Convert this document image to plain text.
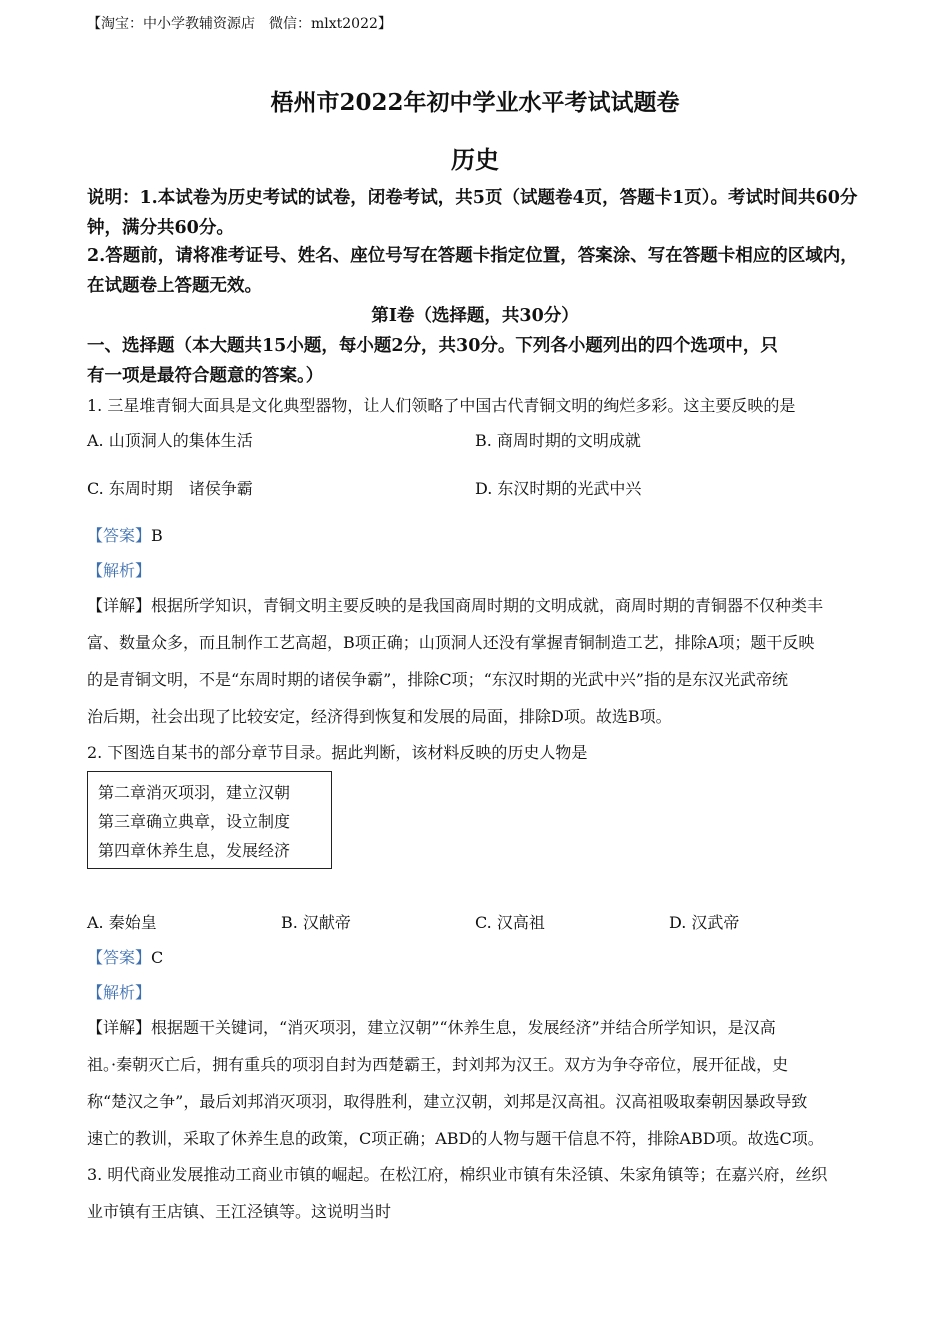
【淘宝：中小学教辅资源店　微信：mlxt2022】
梧州市2022年初中学业水平考试试题卷
历史
说明：1.本试卷为历史考试的试卷，闭卷考试，共5页（试题卷4页，答题卡1页）。考试时间共60分钟，满分共60分。
2.答题前，请将准考证号、姓名、座位号写在答题卡指定位置，答案涂、写在答题卡相应的区域内，在试题卷上答题无效。
第I卷（选择题，共30分）
一、选择题（本大题共15小题，每小题2分，共30分。下列各小题列出的四个选项中，只
有一项是最符合题意的答案。）
1. 三星堆青铜大面具是文化典型器物，让人们领略了中国古代青铜文明的绚烂多彩。这主要反映的是
A. 山顶洞人的集体生活	B. 商周时期的文明成就
C. 东周时期　诸侯争霸	D. 东汉时期的光武中兴
【答案】B
【解析】
【详解】根据所学知识，青铜文明主要反映的是我国商周时期的文明成就，商周时期的青铜器不仅种类丰
富、数量众多，而且制作工艺高超，B项正确；山顶洞人还没有掌握青铜制造工艺，排除A项；题干反映
的是青铜文明，不是“东周时期的诸侯争霸”，排除C项；“东汉时期的光武中兴”指的是东汉光武帝统
治后期，社会出现了比较安定，经济得到恢复和发展的局面，排除D项。故选B项。
2. 下图选自某书的部分章节目录。据此判断，该材料反映的历史人物是
第二章消灭项羽，建立汉朝
第三章确立典章，设立制度
第四章休养生息，发展经济
A. 秦始皇	B. 汉献帝	C. 汉高祖	D. 汉武帝
【答案】C
【解析】
【详解】根据题干关键词，“消灭项羽，建立汉朝”“休养生息，发展经济”并结合所学知识，是汉高
祖。·秦朝灭亡后，拥有重兵的项羽自封为西楚霸王，封刘邦为汉王。双方为争夺帝位，展开征战，史
称“楚汉之争”，最后刘邦消灭项羽，取得胜利，建立汉朝，刘邦是汉高祖。汉高祖吸取秦朝因暴政导致
速亡的教训，采取了休养生息的政策，C项正确；ABD的人物与题干信息不符，排除ABD项。故选C项。
3. 明代商业发展推动工商业市镇的崛起。在松江府，棉织业市镇有朱泾镇、朱家角镇等；在嘉兴府，丝织
业市镇有王店镇、王江泾镇等。这说明当时
